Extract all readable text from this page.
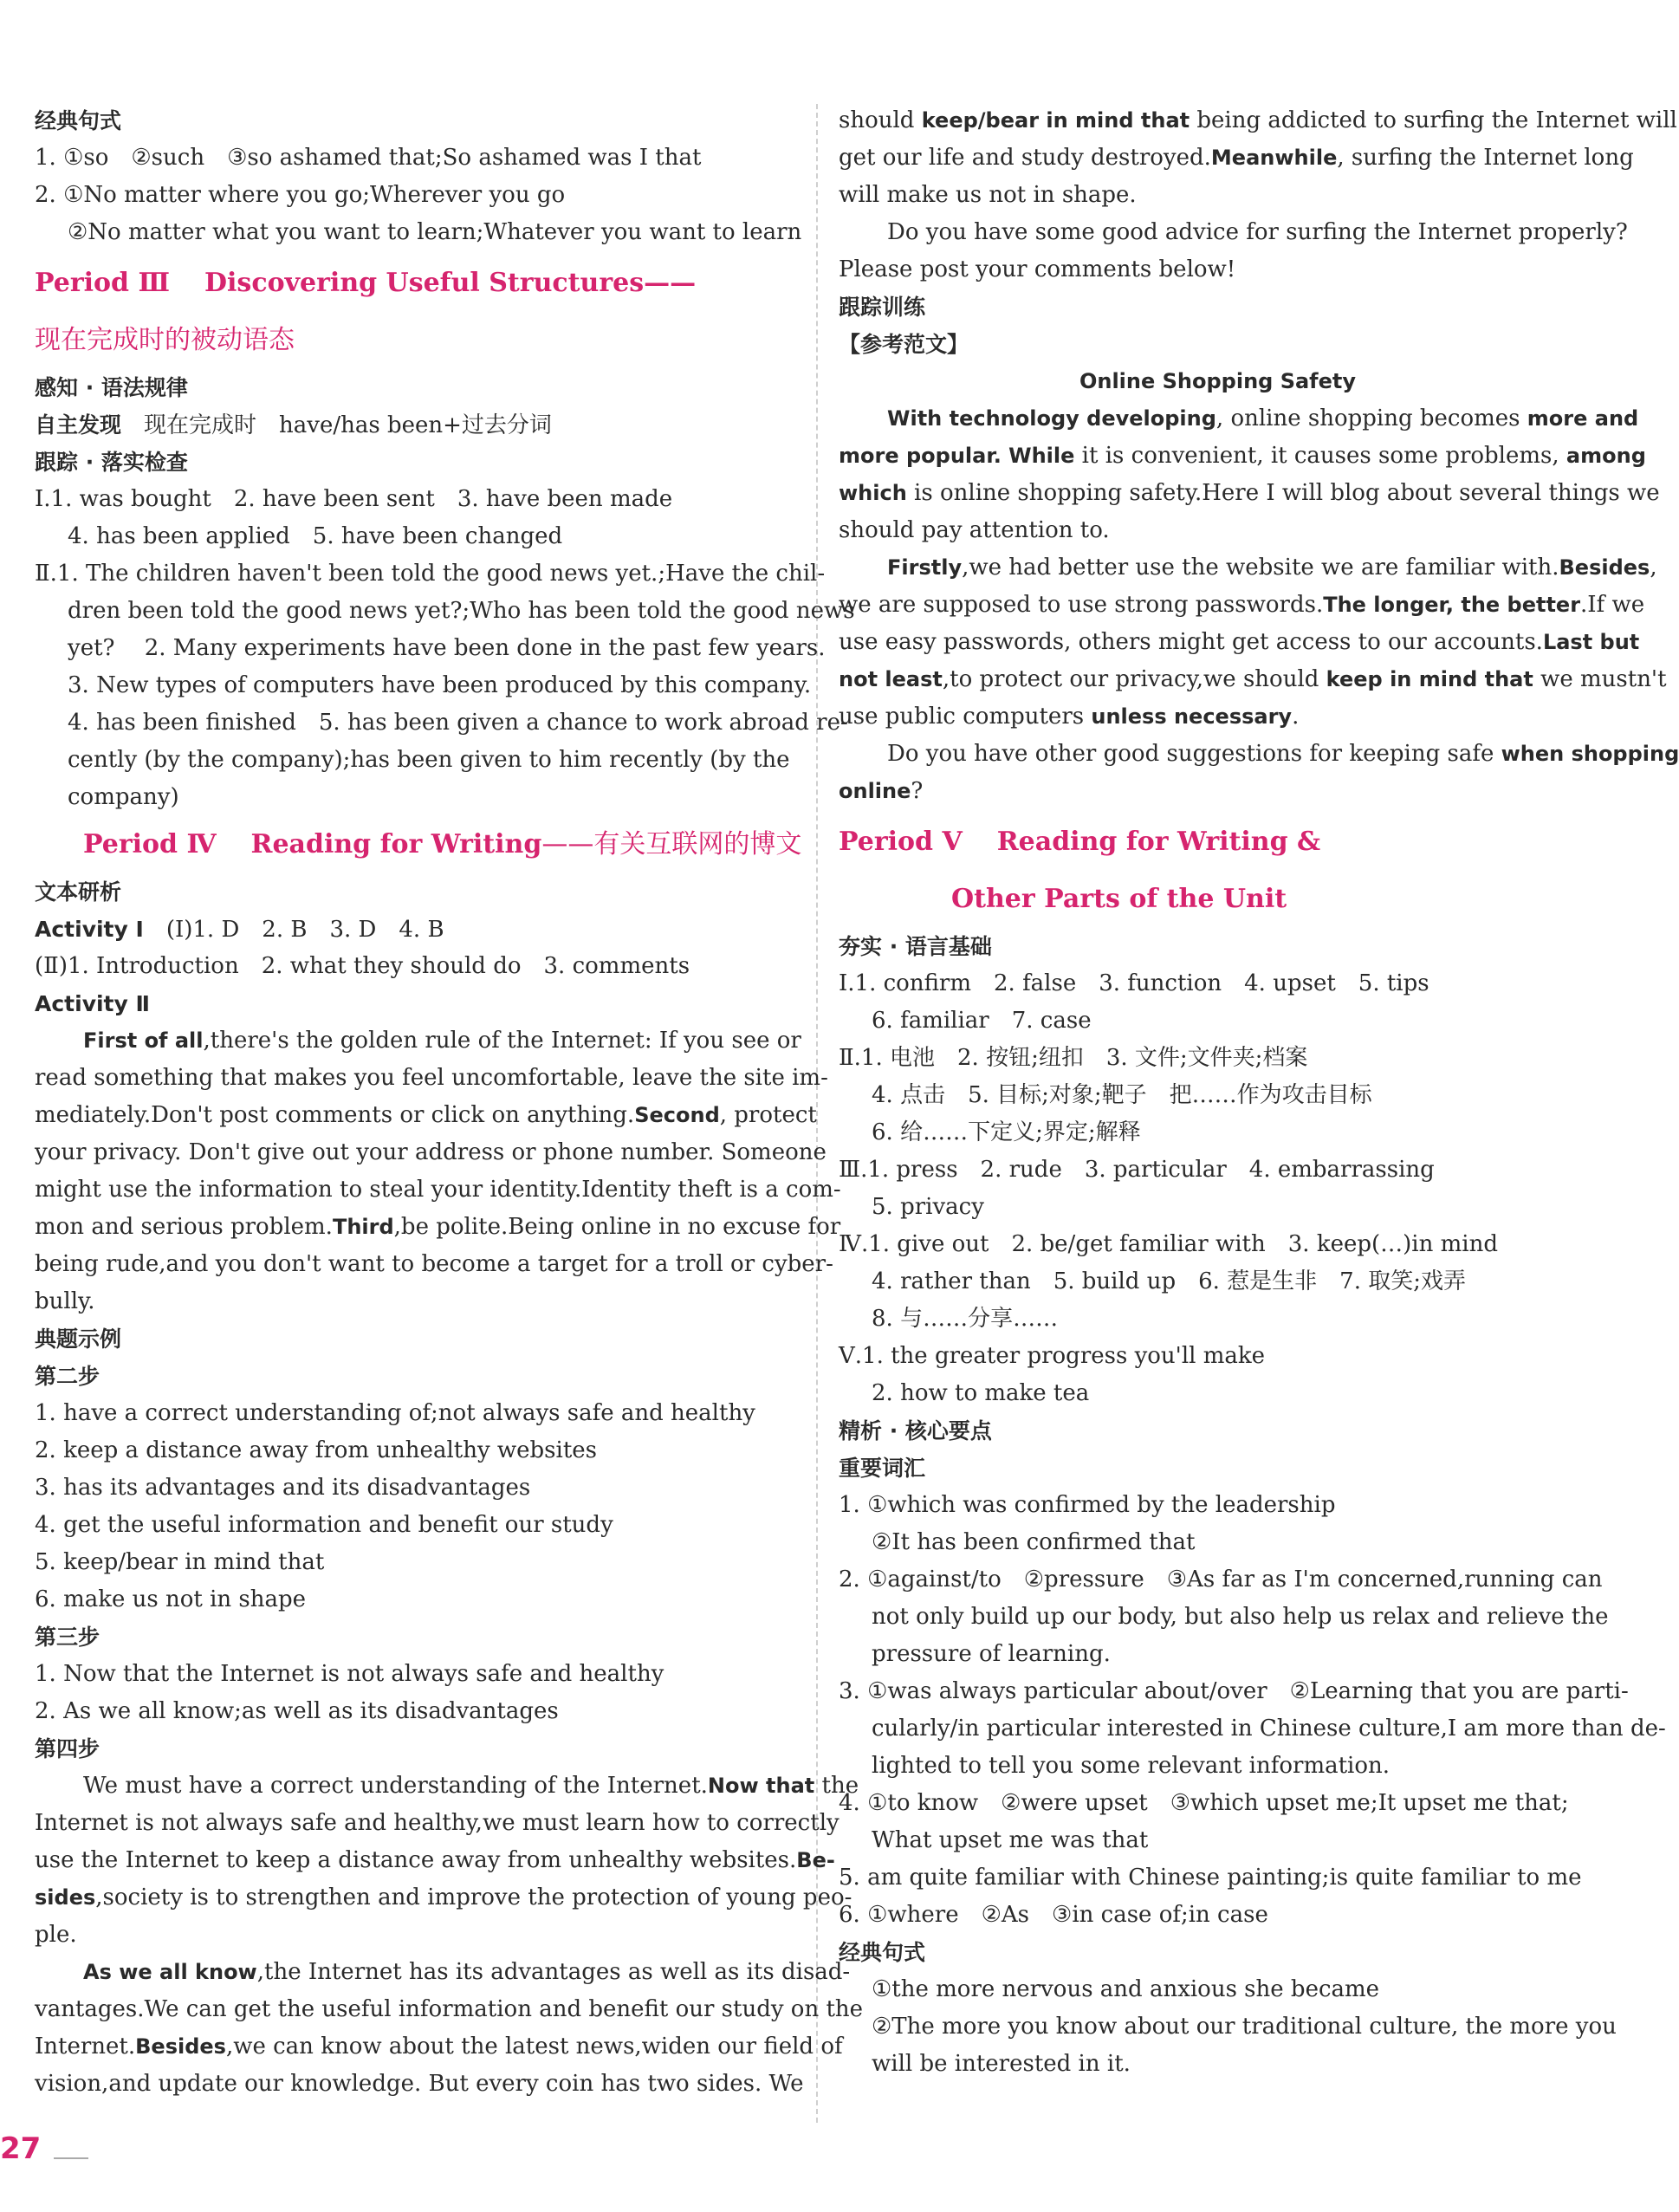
经典句式
1. ①so　②such　③so ashamed that;So ashamed was I that
2. ①No matter where you go;Wherever you go
②No matter what you want to learn;Whatever you want to learn
Period Ⅲ Discovering Useful Structures——
现在完成时的被动语态
感知 · 语法规律
自主发现　现在完成时　have/has been+过去分词
跟踪 · 落实检查
Ⅰ.1. was bought　2. have been sent　3. have been made
4. has been applied　5. have been changed
Ⅱ.1. The children haven't been told the good news yet.;Have the chil-
dren been told the good news yet?;Who has been told the good news
yet?　 2. Many experiments have been done in the past few years.
3. New types of computers have been produced by this company.
4. has been finished　5. has been given a chance to work abroad re-
cently (by the company);has been given to him recently (by the
company)
Period Ⅳ Reading for Writing——有关互联网的博文
文本研析
Activity Ⅰ　(Ⅰ)1. D　2. B　3. D　4. B
(Ⅱ)1. Introduction　2. what they should do　3. comments
Activity Ⅱ
First of all,there's the golden rule of the Internet: If you see or
read something that makes you feel uncomfortable, leave the site im-
mediately.Don't post comments or click on anything.Second, protect
your privacy. Don't give out your address or phone number. Someone
might use the information to steal your identity.Identity theft is a com-
mon and serious problem.Third,be polite.Being online in no excuse for
being rude,and you don't want to become a target for a troll or cyber-
bully.
典题示例
第二步
1. have a correct understanding of;not always safe and healthy
2. keep a distance away from unhealthy websites
3. has its advantages and its disadvantages
4. get the useful information and benefit our study
5. keep/bear in mind that
6. make us not in shape
第三步
1. Now that the Internet is not always safe and healthy
2. As we all know;as well as its disadvantages
第四步
We must have a correct understanding of the Internet.Now that the
Internet is not always safe and healthy,we must learn how to correctly
use the Internet to keep a distance away from unhealthy websites.Be-
sides,society is to strengthen and improve the protection of young peo-
ple.
As we all know,the Internet has its advantages as well as its disad-
vantages.We can get the useful information and benefit our study on the
Internet.Besides,we can know about the latest news,widen our field of
vision,and update our knowledge. But every coin has two sides. We
should keep/bear in mind that being addicted to surfing the Internet will
get our life and study destroyed.Meanwhile, surfing the Internet long
will make us not in shape.
Do you have some good advice for surfing the Internet properly?
Please post your comments below!
跟踪训练
【参考范文】
Online Shopping Safety
With technology developing, online shopping becomes more and
more popular. While it is convenient, it causes some problems, among
which is online shopping safety.Here I will blog about several things we
should pay attention to.
Firstly,we had better use the website we are familiar with.Besides,
we are supposed to use strong passwords.The longer, the better.If we
use easy passwords, others might get access to our accounts.Last but
not least,to protect our privacy,we should keep in mind that we mustn't
use public computers unless necessary.
Do you have other good suggestions for keeping safe when shopping
online?
Period Ⅴ Reading for Writing &
Other Parts of the Unit
夯实 · 语言基础
Ⅰ.1. confirm　2. false　3. function　4. upset　5. tips
6. familiar　7. case
Ⅱ.1. 电池　2. 按钮;纽扣　3. 文件;文件夹;档案
4. 点击　5. 目标;对象;靶子　把……作为攻击目标
6. 给……下定义;界定;解释
Ⅲ.1. press　2. rude　3. particular　4. embarrassing
5. privacy
Ⅳ.1. give out　2. be/get familiar with　3. keep(…)in mind
4. rather than　5. build up　6. 惹是生非　7. 取笑;戏弄
8. 与……分享……
Ⅴ.1. the greater progress you'll make
2. how to make tea
精析 · 核心要点
重要词汇
1. ①which was confirmed by the leadership
②It has been confirmed that
2. ①against/to　②pressure　③As far as I'm concerned,running can
not only build up our body, but also help us relax and relieve the
pressure of learning.
3. ①was always particular about/over　②Learning that you are parti-
cularly/in particular interested in Chinese culture,I am more than de-
lighted to tell you some relevant information.
4. ①to know　②were upset　③which upset me;It upset me that;
What upset me was that
5. am quite familiar with Chinese painting;is quite familiar to me
6. ①where　②As　③in case of;in case
经典句式
①the more nervous and anxious she became
②The more you know about our traditional culture, the more you
will be interested in it.
27
